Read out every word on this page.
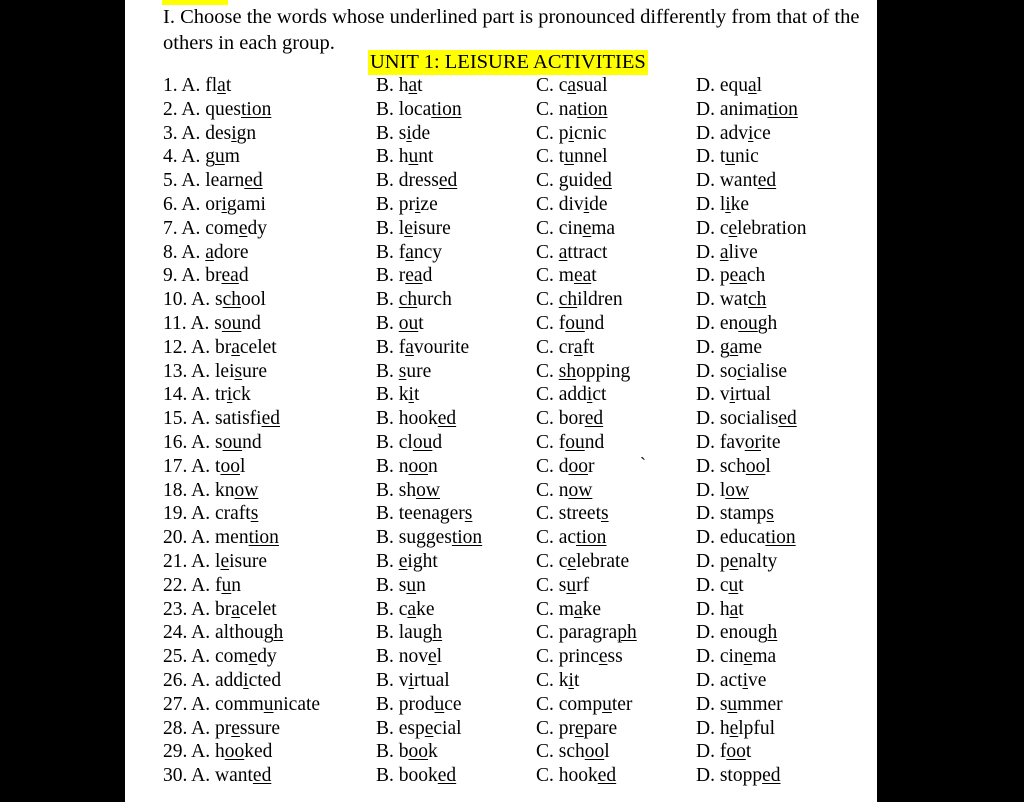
I. Choose the words whose underlined part is pronounced differently from that of the others in each group.
UNIT 1: LEISURE ACTIVITIES
1. A. flat	B. hat	C. casual	D. equal
2. A. question	B. location	C. nation	D. animation
3. A. design	B. side	C. picnic	D. advice
4. A. gum	B. hunt	C. tunnel	D. tunic
5. A. learned	B. dressed	C. guided	D. wanted
6. A. origami	B. prize	C. divide	D. like
7. A. comedy	B. leisure	C. cinema	D. celebration
8. A. adore	B. fancy	C. attract	D. alive
9. A. bread	B. read	C. meat	D. peach
10. A. school	B. church	C. children	D. watch
11. A. sound	B. out	C. found	D. enough
12. A. bracelet	B. favourite	C. craft	D. game
13. A. leisure	B. sure	C. shopping	D. socialise
14. A. trick	B. kit	C. addict	D. virtual
15. A. satisfied	B. hooked	C. bored	D. socialised
16. A. sound	B. cloud	C. found	D. favorite
17. A. tool	B. noon	C. door	D. school
18. A. know	B. show	C. now	D. low
19. A. crafts	B. teenagers	C. streets	D. stamps
20. A. mention	B. suggestion	C. action	D. education
21. A. leisure	B. eight	C. celebrate	D. penalty
22. A. fun	B. sun	C. surf	D. cut
23. A. bracelet	B. cake	C. make	D. hat
24. A. although	B. laugh	C. paragraph	D. enough
25. A. comedy	B. novel	C. princess	D. cinema
26. A. addicted	B. virtual	C. kit	D. active
27. A. communicate	B. produce	C. computer	D. summer
28. A. pressure	B. especial	C. prepare	D. helpful
29. A. hooked	B. book	C. school	D. foot
30. A. wanted	B. booked	C. hooked	D. stopped
`
